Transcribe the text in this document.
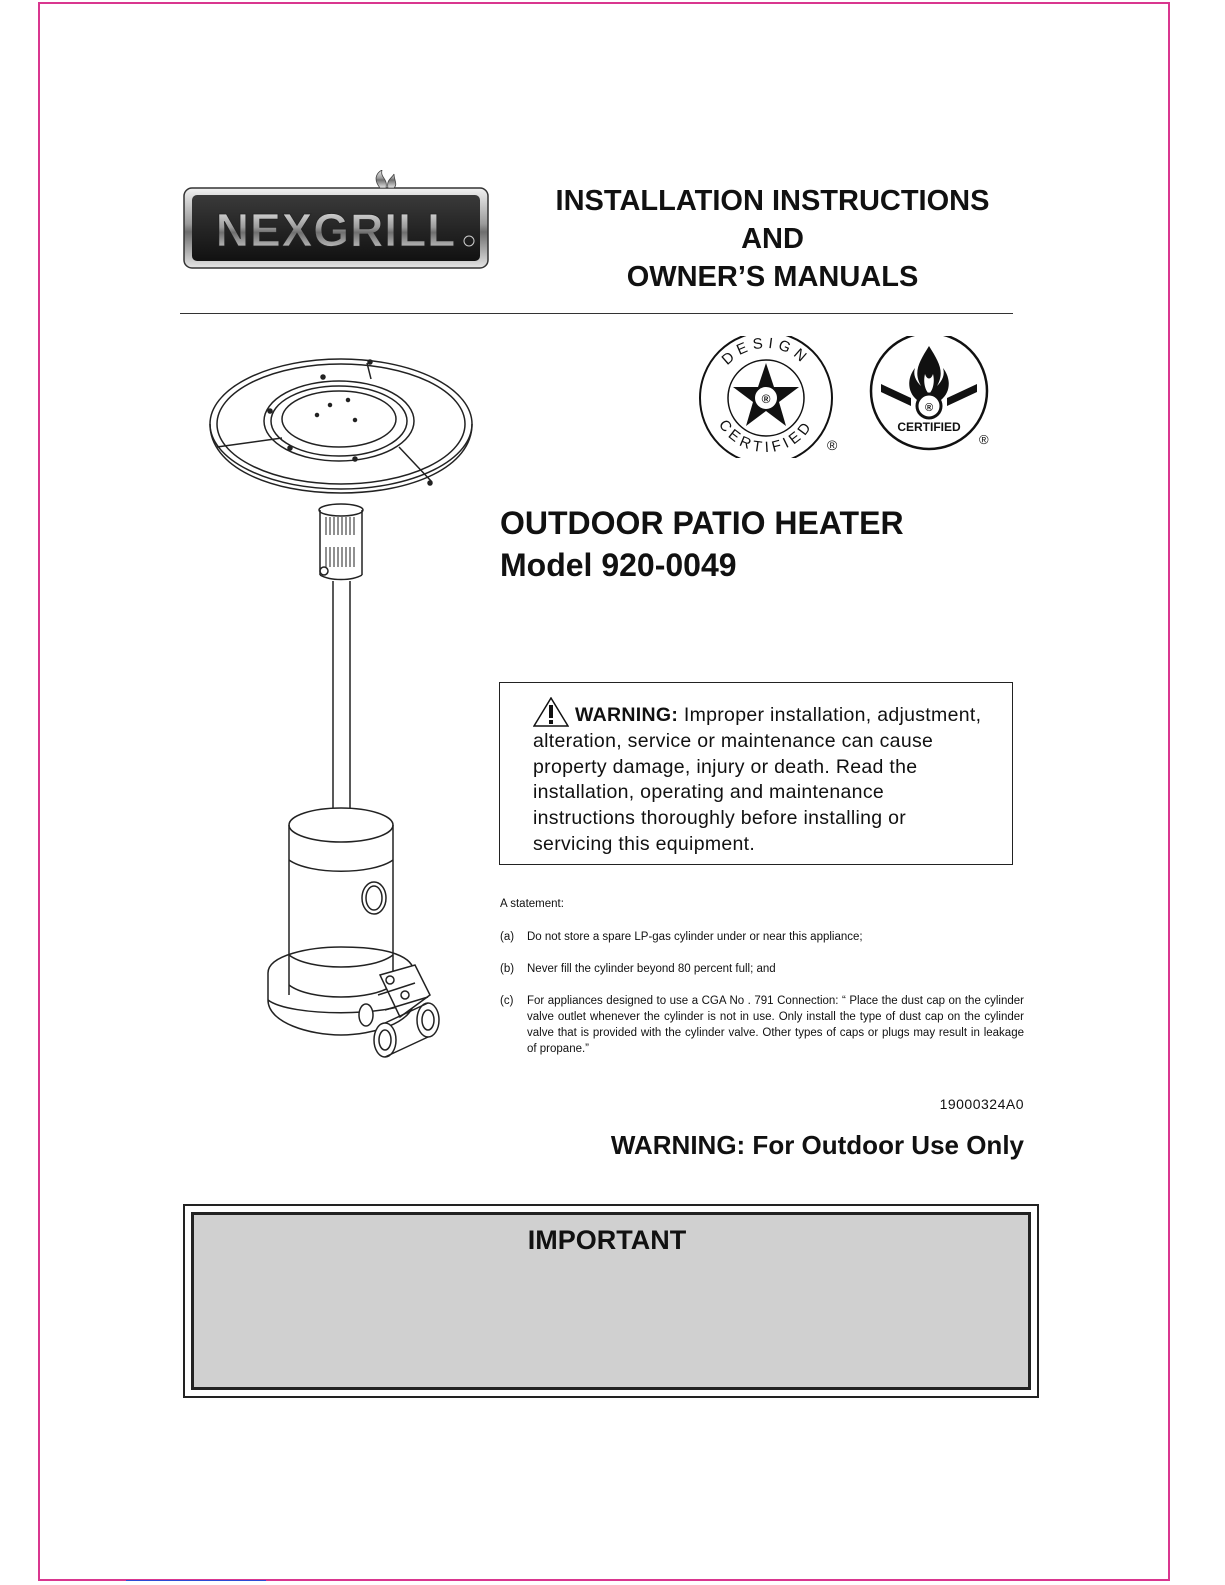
NEXGRILL
INSTALLATION INSTRUCTIONS
AND
OWNER’S MANUALS
DESIGN
CERTIFIED
®
®
®
CERTIFIED
®
OUTDOOR PATIO HEATER
Model 920-0049
WARNING: Improper installation, adjustment, alteration, service or maintenance can cause property damage, injury or death. Read the installation, operating and maintenance instructions thoroughly before installing or servicing this equipment.
A statement:
(a) Do not store a spare LP-gas cylinder under or near this appliance;
(b) Never fill the cylinder beyond 80 percent full; and
(c) For appliances designed to use a CGA No . 791 Connection: “ Place the dust cap on the cylinder valve outlet whenever the cylinder is not in use. Only install the type of dust cap on the cylinder valve that is provided with the cylinder valve. Other types of caps or plugs may result in leakage of propane.”
19000324A0
WARNING: For Outdoor Use Only
IMPORTANT
